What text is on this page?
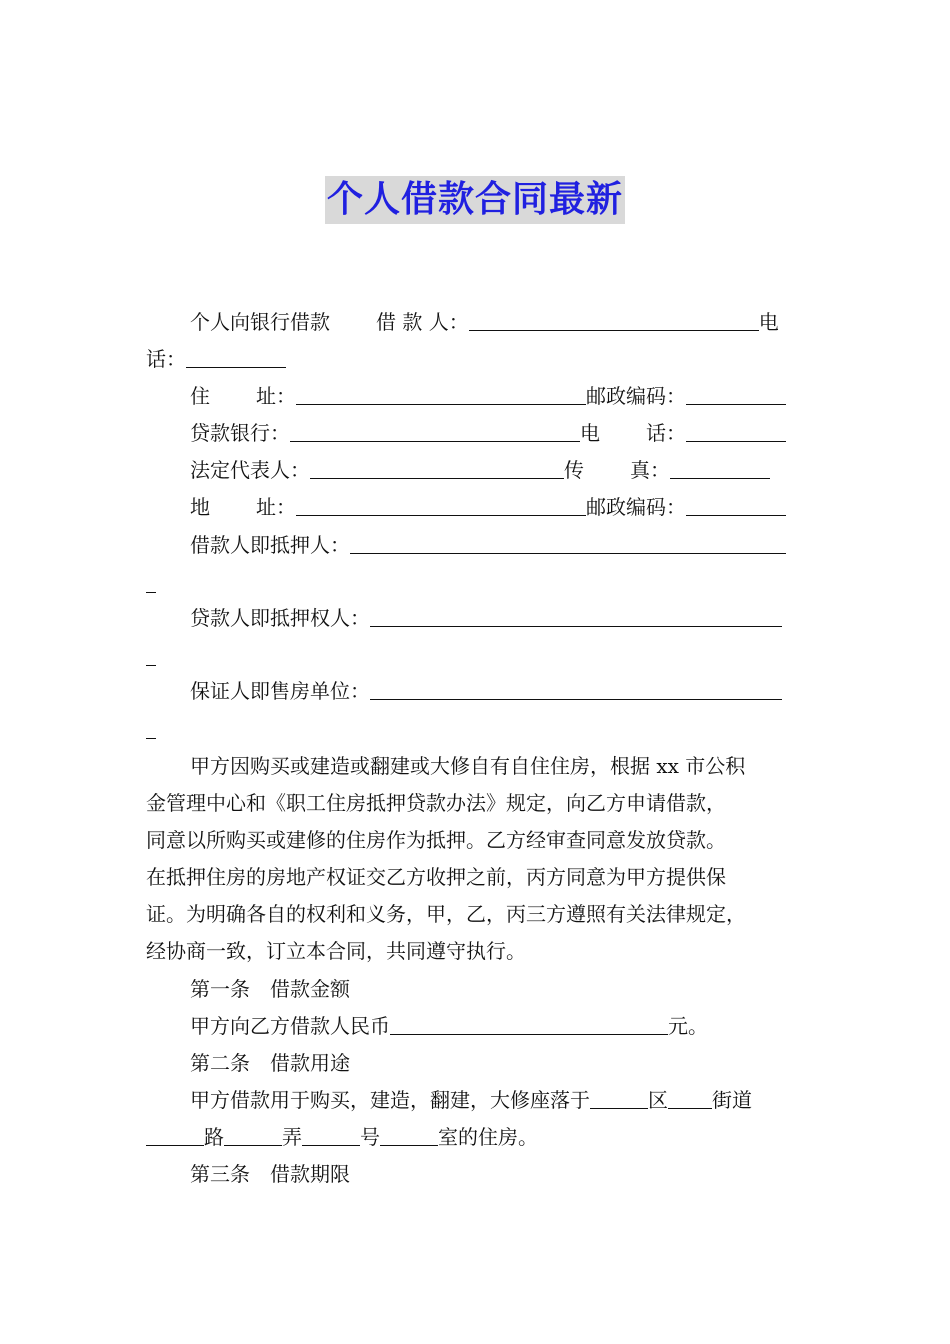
个人借款合同最新
个人向银行借款 借 款 人：	电
话：
住 址：	邮政编码：
贷款银行：	电 话：
法定代表人：	传 真：
地 址：	邮政编码：
借款人即抵押人：
贷款人即抵押权人：
保证人即售房单位：
甲方因购买或建造或翻建或大修自有自住住房，根据 xx 市公积
金管理中心和《职工住房抵押贷款办法》规定，向乙方申请借款，
同意以所购买或建修的住房作为抵押。乙方经审查同意发放贷款。
在抵押住房的房地产权证交乙方收押之前，丙方同意为甲方提供保
证。为明确各自的权利和义务，甲，乙，丙三方遵照有关法律规定，
经协商一致，订立本合同，共同遵守执行。
第一条　借款金额
甲方向乙方借款人民币	元。
第二条　借款用途
甲方借款用于购买，建造，翻建，大修座落于	区 街道
路	弄	号	室的住房。
第三条　借款期限
